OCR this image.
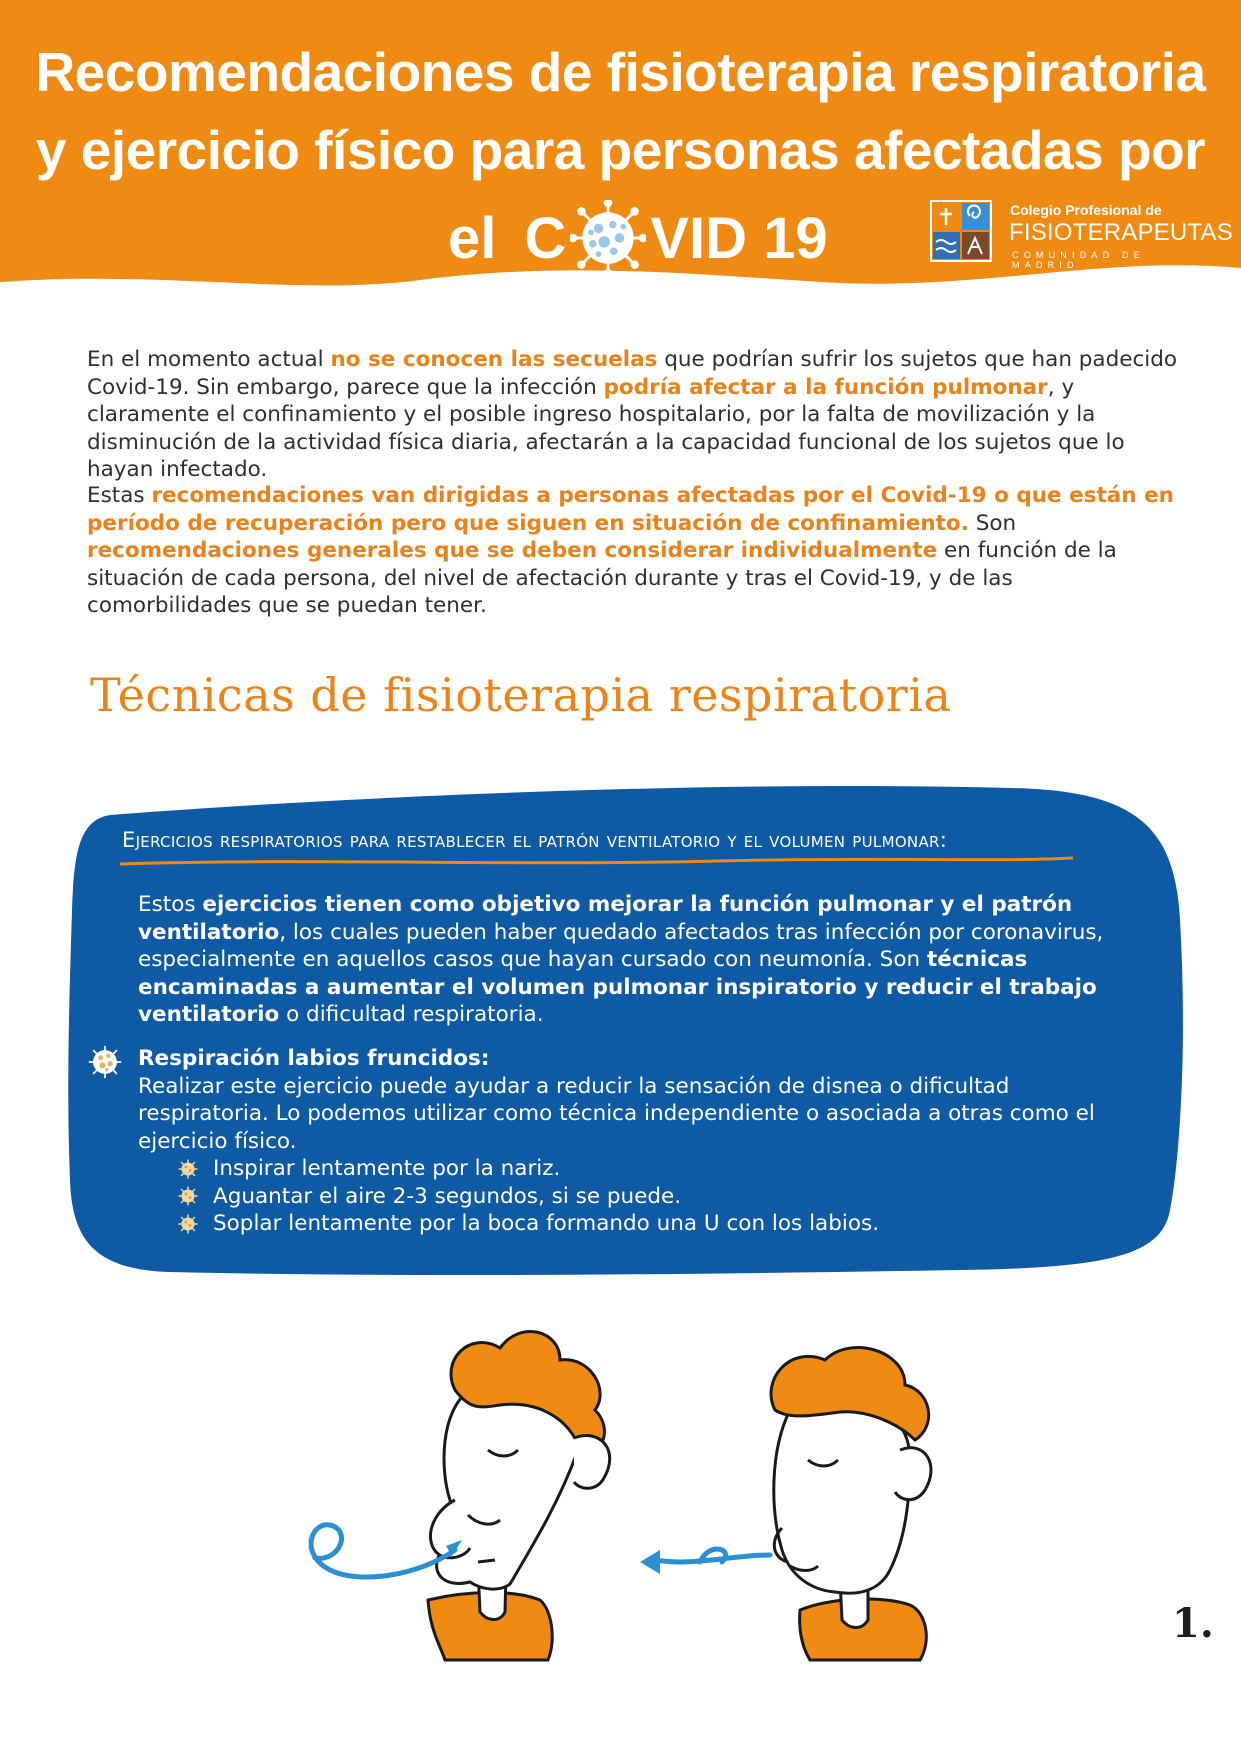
Recomendaciones de fisioterapia respiratoria
y ejercicio físico para personas afectadas por
el C VID 19	Colegio Profesional de
FISIOTERAPEUTAS
COMUNIDAD DE MADRID
En el momento actual no se conocen las secuelas que podrían sufrir los sujetos que han padecido Covid-19. Sin embargo, parece que la infección podría afectar a la función pulmonar, y claramente el confinamiento y el posible ingreso hospitalario, por la falta de movilización y la disminución de la actividad física diaria, afectarán a la capacidad funcional de los sujetos que lo hayan infectado.
Estas recomendaciones van dirigidas a personas afectadas por el Covid-19 o que están en período de recuperación pero que siguen en situación de confinamiento. Son recomendaciones generales que se deben considerar individualmente en función de la situación de cada persona, del nivel de afectación durante y tras el Covid-19, y de las comorbilidades que se puedan tener.
Técnicas de fisioterapia respiratoria
Ejercicios respiratorios para restablecer el patrón ventilatorio y el volumen pulmonar:
Estos ejercicios tienen como objetivo mejorar la función pulmonar y el patrón ventilatorio, los cuales pueden haber quedado afectados tras infección por coronavirus, especialmente en aquellos casos que hayan cursado con neumonía. Son técnicas encaminadas a aumentar el volumen pulmonar inspiratorio y reducir el trabajo ventilatorio o dificultad respiratoria.
Respiración labios fruncidos:
Realizar este ejercicio puede ayudar a reducir la sensación de disnea o dificultad respiratoria. Lo podemos utilizar como técnica independiente o asociada a otras como el ejercicio físico.
Inspirar lentamente por la nariz.
Aguantar el aire 2-3 segundos, si se puede.
Soplar lentamente por la boca formando una U con los labios.
1.
